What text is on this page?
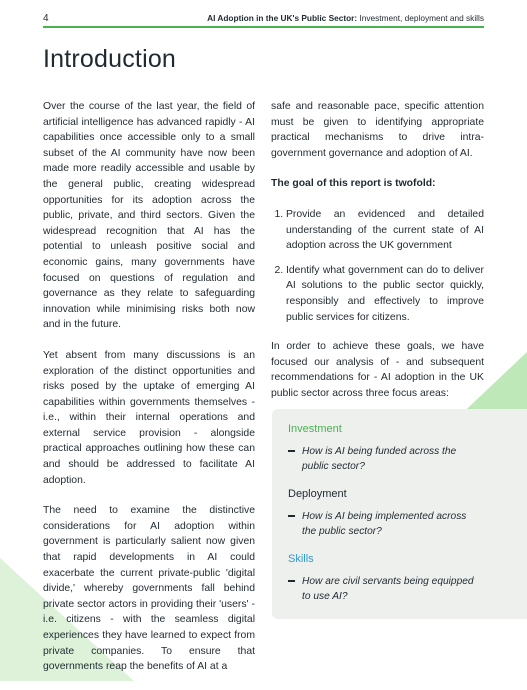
4	AI Adoption in the UK's Public Sector: Investment, deployment and skills
Introduction

Over the course of the last year, the field of artificial intelligence has advanced rapidly - AI capabilities once accessible only to a small subset of the AI community have now been made more readily accessible and usable by the general public, creating widespread opportunities for its adoption across the public, private, and third sectors. Given the widespread recognition that AI has the potential to unleash positive social and economic gains, many governments have focused on questions of regulation and governance as they relate to safeguarding innovation while minimising risks both now and in the future.

Yet absent from many discussions is an exploration of the distinct opportunities and risks posed by the uptake of emerging AI capabilities within governments themselves - i.e., within their internal operations and external service provision - alongside practical approaches outlining how these can and should be addressed to facilitate AI adoption.

The need to examine the distinctive considerations for AI adoption within government is particularly salient now given that rapid developments in AI could exacerbate the current private-public 'digital divide,' whereby governments fall behind private sector actors in providing their 'users' - i.e. citizens - with the seamless digital experiences they have learned to expect from private companies. To ensure that governments reap the benefits of AI at a

safe and reasonable pace, specific attention must be given to identifying appropriate practical mechanisms to drive intra-government governance and adoption of AI.

The goal of this report is twofold:

1. Provide an evidenced and detailed understanding of the current state of AI adoption across the UK government
2. Identify what government can do to deliver AI solutions to the public sector quickly, responsibly and effectively to improve public services for citizens.

In order to achieve these goals, we have focused our analysis of - and subsequent recommendations for - AI adoption in the UK public sector across three focus areas:

Investment
How is AI being funded across the public sector?
Deployment
How is AI being implemented across the public sector?
Skills
How are civil servants being equipped to use AI?
